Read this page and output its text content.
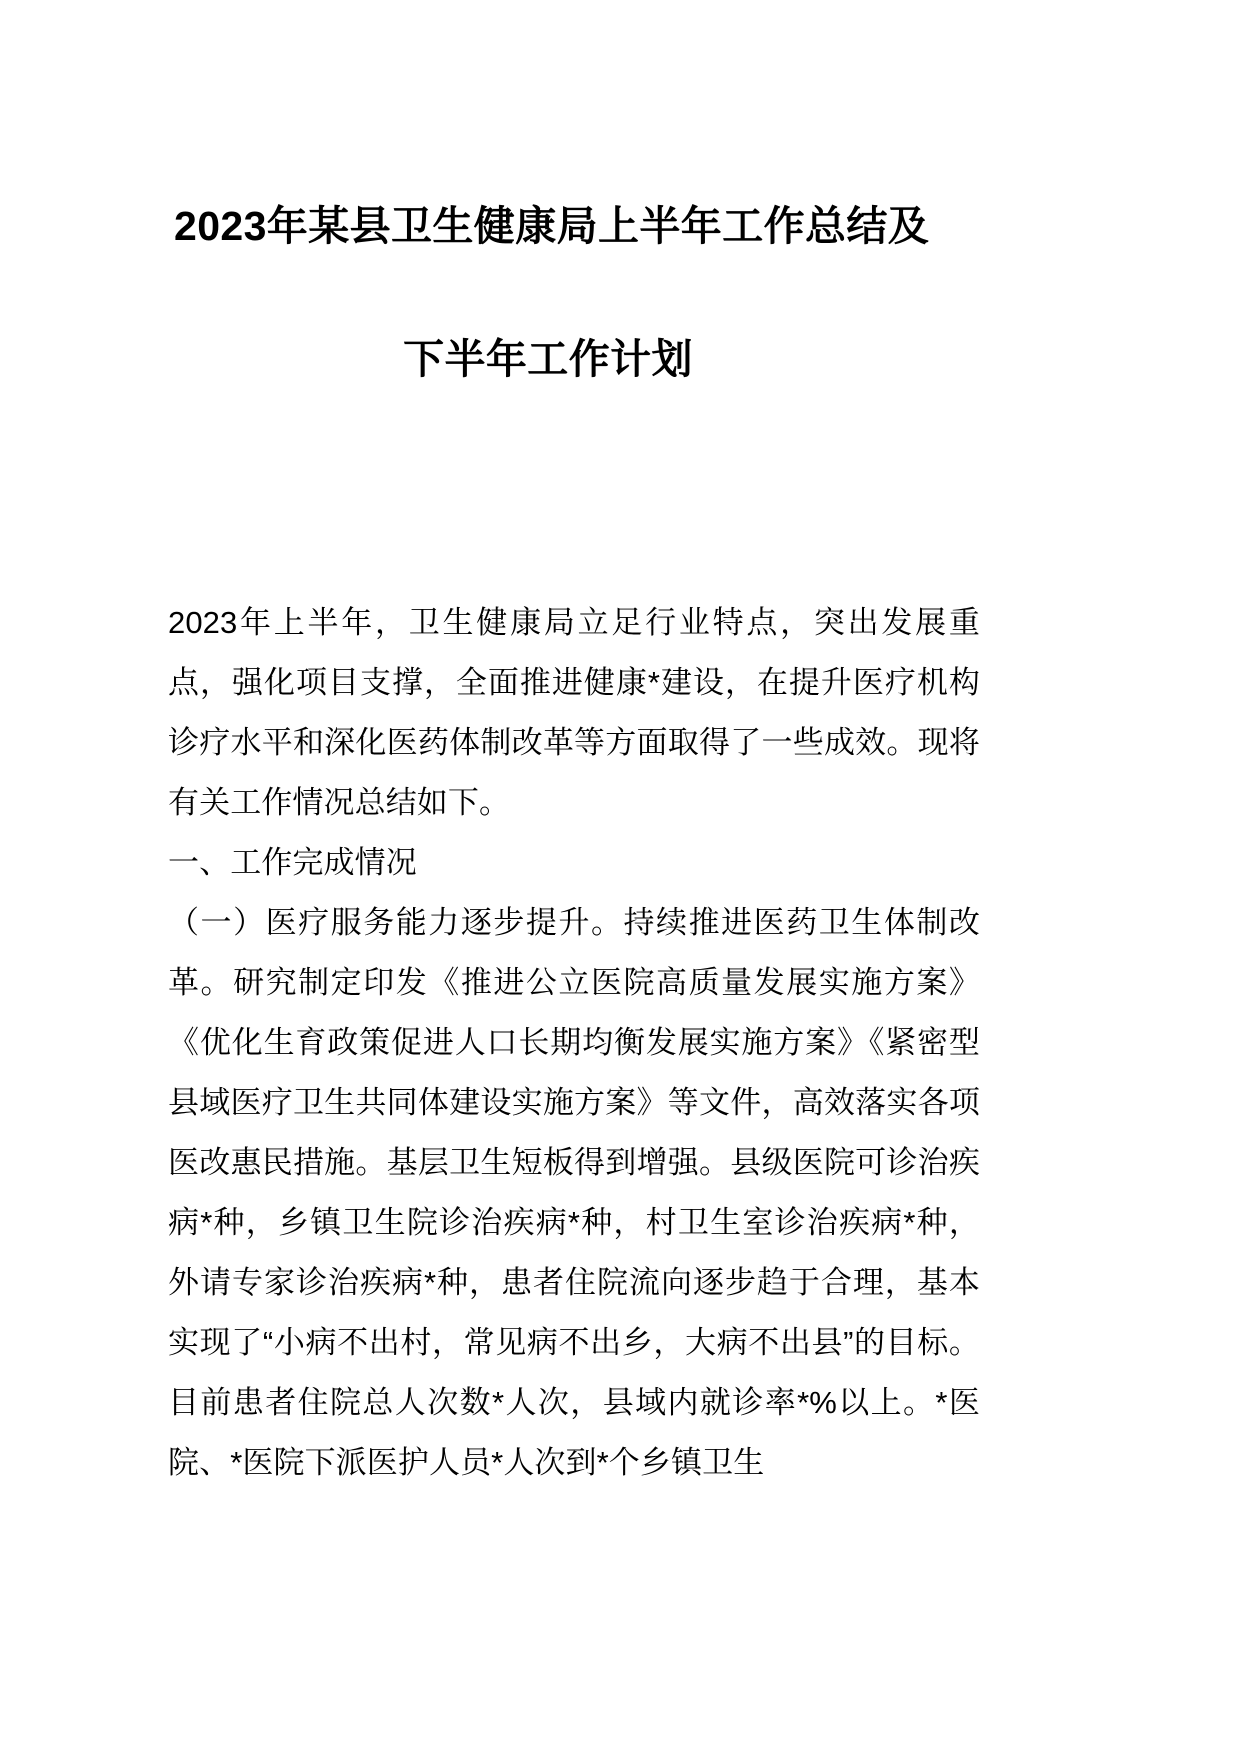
2023年某县卫生健康局上半年工作总结及
下半年工作计划

2023年上半年，卫生健康局立足行业特点，突出发展重点，强化项目支撑，全面推进健康*建设，在提升医疗机构诊疗水平和深化医药体制改革等方面取得了一些成效。现将有关工作情况总结如下。

一、工作完成情况

（一）医疗服务能力逐步提升。持续推进医药卫生体制改革。研究制定印发《推进公立医院高质量发展实施方案》《优化生育政策促进人口长期均衡发展实施方案》《紧密型县域医疗卫生共同体建设实施方案》等文件，高效落实各项医改惠民措施。基层卫生短板得到增强。县级医院可诊治疾病*种，乡镇卫生院诊治疾病*种，村卫生室诊治疾病*种，外请专家诊治疾病*种，患者住院流向逐步趋于合理，基本实现了“小病不出村，常见病不出乡，大病不出县”的目标。目前患者住院总人次数*人次，县域内就诊率*%以上。*医院、*医院下派医护人员*人次到*个乡镇卫生
